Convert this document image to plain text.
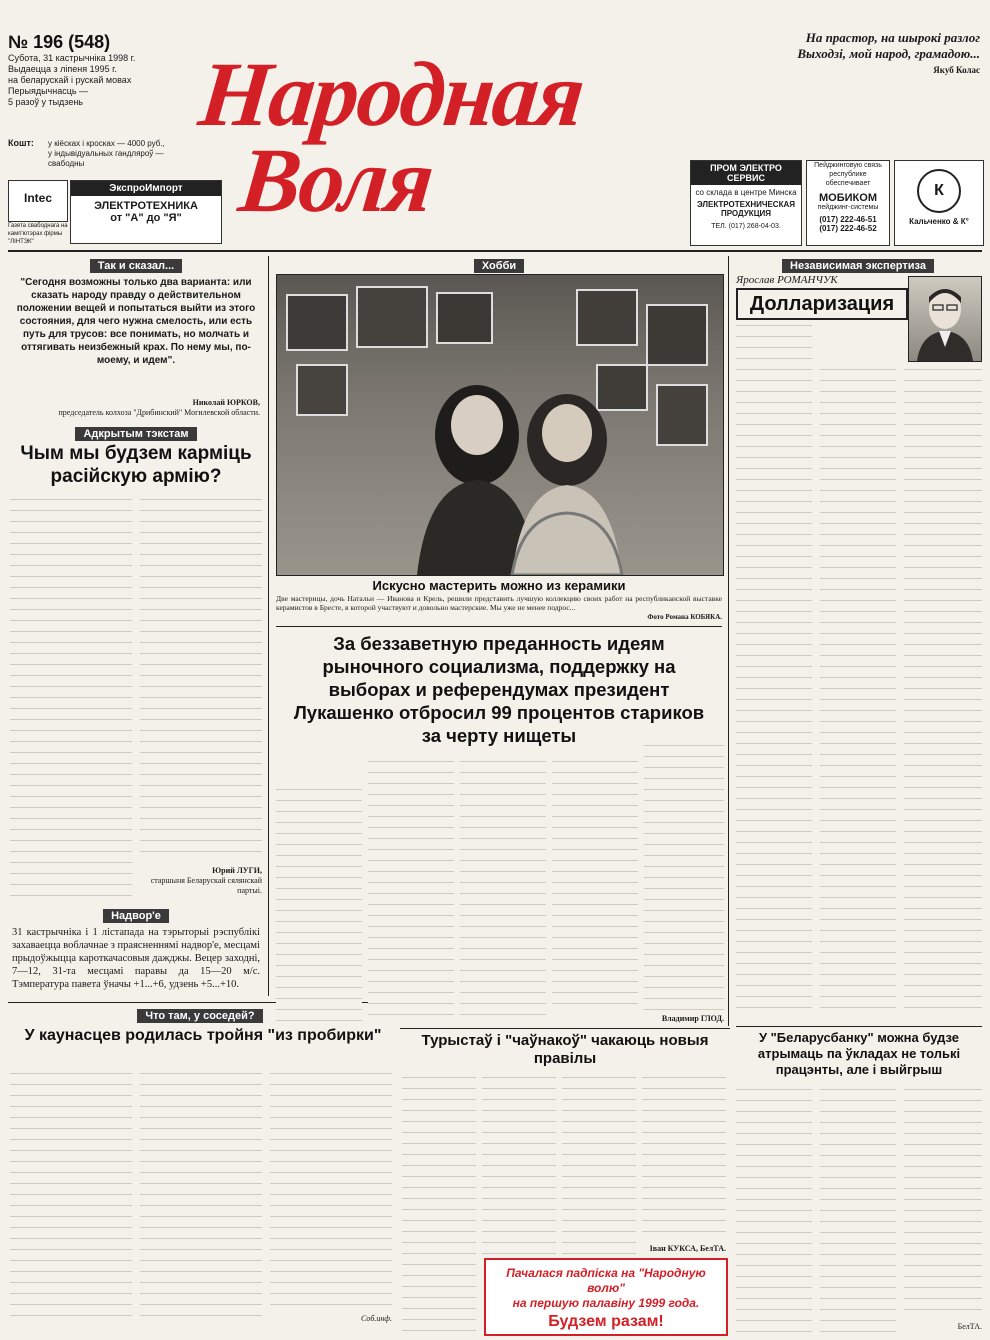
№ 196 (548)
Субота, 31 кастрычніка 1998 г.
Выдаецца з ліпеня 1995 г.
на беларускай і рускай мовах
Перыядычнасць —
5 разоў у тыдзень
Кошт: у кіёсках і кросках — 4000 руб.,
у індывідуальных гандляроў —
свабодны
Народная
Воля
На прастор, на шырокі разлог
Выходзі, мой народ, грамадою...
Якуб Колас
Intec
Газета свабоднага на камп'ютэрах фірмы "ЛІНТЭК"
ЭкспроИмпорт
ЭЛЕКТРОТЕХНИКА
от "А" до "Я"
ПРОМ ЭЛЕКТРО СЕРВИС
со склада в центре Минска
ЭЛЕКТРОТЕХНИЧЕСКАЯ ПРОДУКЦИЯ
ТЕЛ. (017) 268-04-03.
Пейджинговую связь
республике обеспечивает
МОБИКОМ
пейджинг-системы
(017) 222-46-51
(017) 222-46-52
К
Кальченко & К°
Так и сказал...
"Сегодня возможны только два варианта: или сказать народу правду о действительном положении вещей и попытаться выйти из этого состояния, для чего нужна смелость, или есть путь для трусов: все понимать, но молчать и оттягивать неизбежный крах. По нему мы, по-моему, и идем".
Николай ЮРКОВ,
председатель колхоза "Дрибинский" Могилевской области.
Адкрытым тэкстам
Чым мы будзем карміць расійскую армію?
Юрий ЛУГИ,
старшыня Беларускай сялянскай партыі.
Надвор'е
31 кастрычніка і 1 лістапада на тэрыторыі рэспублікі захаваецца воблачнае з праясненнямі надвор'е, месцамі прыдоўжыцца кароткачасовыя дажджы. Вецер заходні, 7—12, 31-та месцамі паравы да 15—20 м/с. Тэмпература павета ўначы +1...+6, удзень +5...+10.
Что там, у соседей?
У каунасцев родилась тройня "из пробирки"
Соб.инф.
Хобби
Искусно мастерить можно из керамики
Две мастерицы, дочь Натальи — Иванова и Крель, решили представить лучшую коллекцию своих работ на республиканской выставке керамистов в Бресте, в которой участвуют и довольно мастерские. Мы уже не менее подрос...
Фото Романа КОБЯКА.
За беззаветную преданность идеям рыночного социализма, поддержку на выборах и референдумах президент Лукашенко отбросил 99 процентов стариков за черту нищеты
Владимир ГЛОД.
Независимая экспертиза
Ярослав РОМАНЧУК
Долларизация
Турыстаў і "чаўнакоў" чакаюць новыя правілы
Іван КУКСА, БелТА.
Пачалася падпіска на "Народную волю"
на першую палавіну 1999 года.
Будзем разам!
У "Беларусбанку" можна будзе атрымаць па ўкладах не толькі працэнты, але і выйгрыш
БелТА.
